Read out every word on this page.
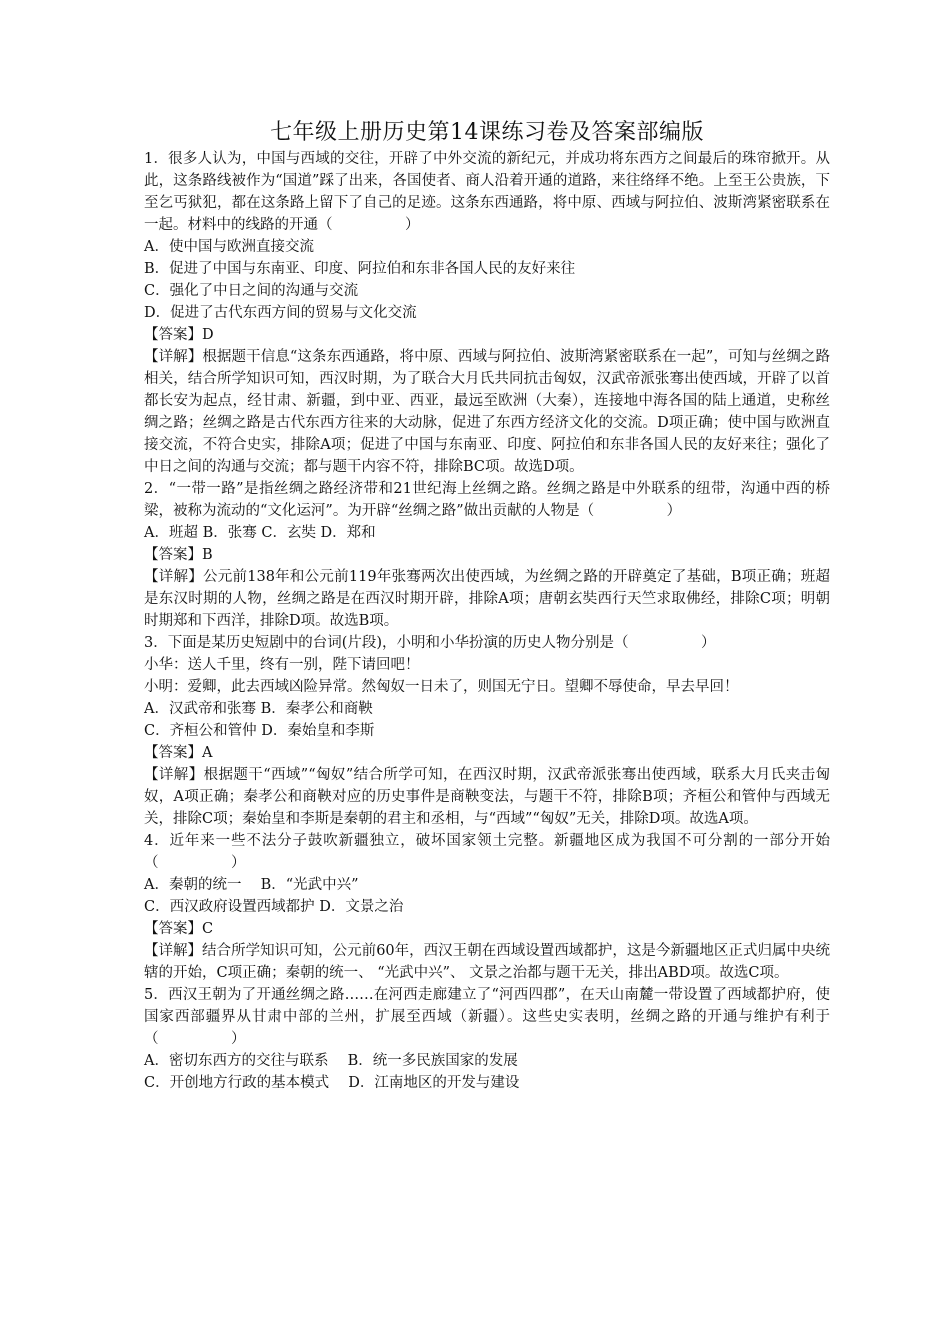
七年级上册历史第14课练习卷及答案部编版

1．很多人认为，中国与西域的交往，开辟了中外交流的新纪元，并成功将东西方之间最后的珠帘掀开。从此，这条路线被作为“国道”踩了出来，各国使者、商人沿着开通的道路，来往络绎不绝。上至王公贵族，下至乞丐狱犯，都在这条路上留下了自己的足迹。这条东西通路，将中原、西域与阿拉伯、波斯湾紧密联系在一起。材料中的线路的开通（　　　　　）

A．使中国与欧洲直接交流

B．促进了中国与东南亚、印度、阿拉伯和东非各国人民的友好来往

C．强化了中日之间的沟通与交流

D．促进了古代东西方间的贸易与文化交流

【答案】D

【详解】根据题干信息“这条东西通路，将中原、西域与阿拉伯、波斯湾紧密联系在一起”，可知与丝绸之路相关，结合所学知识可知，西汉时期，为了联合大月氏共同抗击匈奴，汉武帝派张骞出使西域，开辟了以首都长安为起点，经甘肃、新疆，到中亚、西亚，最远至欧洲（大秦），连接地中海各国的陆上通道，史称丝绸之路；丝绸之路是古代东西方往来的大动脉，促进了东西方经济文化的交流。D项正确；使中国与欧洲直接交流，不符合史实，排除A项；促进了中国与东南亚、印度、阿拉伯和东非各国人民的友好来往；强化了中日之间的沟通与交流；都与题干内容不符，排除BC项。故选D项。

2．“一带一路”是指丝绸之路经济带和21世纪海上丝绸之路。丝绸之路是中外联系的纽带，沟通中西的桥梁，被称为流动的“文化运河”。为开辟“丝绸之路”做出贡献的人物是（　　　　　）

A．班超 B．张骞 C．玄奘 D．郑和

【答案】B

【详解】公元前138年和公元前119年张骞两次出使西域，为丝绸之路的开辟奠定了基础，B项正确；班超是东汉时期的人物，丝绸之路是在西汉时期开辟，排除A项；唐朝玄奘西行天竺求取佛经，排除C项；明朝时期郑和下西洋，排除D项。故选B项。

3．下面是某历史短剧中的台词(片段)，小明和小华扮演的历史人物分别是（　　　　　）

小华：送人千里，终有一别，陛下请回吧！

小明：爱卿，此去西域凶险异常。然匈奴一日未了，则国无宁日。望卿不辱使命，早去早回！

A．汉武帝和张骞 B．秦孝公和商鞅

C．齐桓公和管仲 D．秦始皇和李斯

【答案】A

【详解】根据题干“西域”“匈奴”结合所学可知，在西汉时期，汉武帝派张骞出使西域，联系大月氏夹击匈奴，A项正确；秦孝公和商鞅对应的历史事件是商鞅变法，与题干不符，排除B项；齐桓公和管仲与西域无关，排除C项；秦始皇和李斯是秦朝的君主和丞相，与“西域”“匈奴”无关，排除D项。故选A项。

4．近年来一些不法分子鼓吹新疆独立，破坏国家领土完整。新疆地区成为我国不可分割的一部分开始（　　　　　）

A．秦朝的统一　 B．“光武中兴”

C．西汉政府设置西域都护 D．文景之治

【答案】C

【详解】结合所学知识可知，公元前60年，西汉王朝在西域设置西域都护，这是今新疆地区正式归属中央统辖的开始，C项正确；秦朝的统一、 “光武中兴”、 文景之治都与题干无关，排出ABD项。故选C项。

5．西汉王朝为了开通丝绸之路……在河西走廊建立了“河西四郡”，在天山南麓一带设置了西域都护府，使国家西部疆界从甘肃中部的兰州，扩展至西域（新疆）。这些史实表明，丝绸之路的开通与维护有利于（　　　　　）

A．密切东西方的交往与联系　 B．统一多民族国家的发展

C．开创地方行政的基本模式　 D．江南地区的开发与建设
